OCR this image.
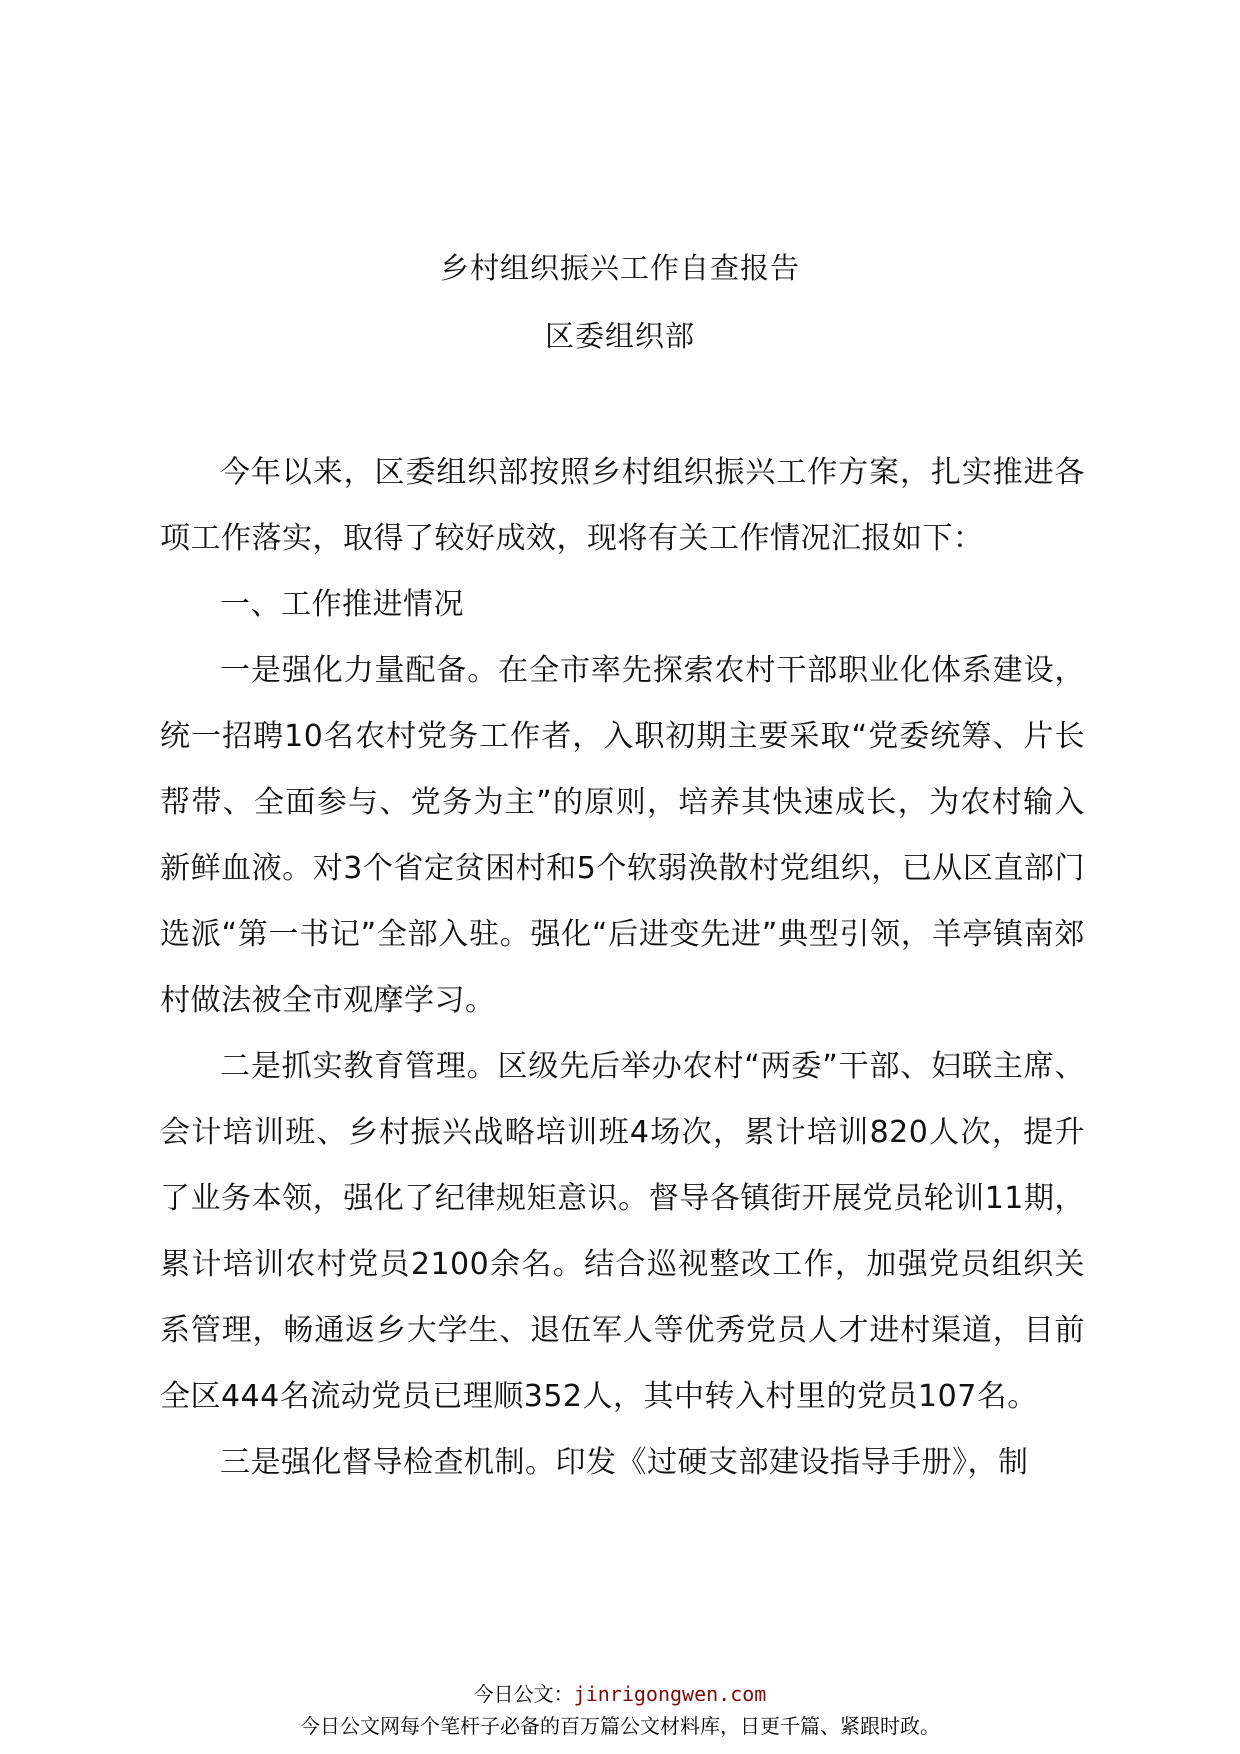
乡村组织振兴工作自查报告
区委组织部

今年以来，区委组织部按照乡村组织振兴工作方案，扎实推进各项工作落实，取得了较好成效，现将有关工作情况汇报如下：

一、工作推进情况

一是强化力量配备。在全市率先探索农村干部职业化体系建设，统一招聘10名农村党务工作者，入职初期主要采取“党委统筹、片长帮带、全面参与、党务为主”的原则，培养其快速成长，为农村输入新鲜血液。对3个省定贫困村和5个软弱涣散村党组织，已从区直部门选派“第一书记”全部入驻。强化“后进变先进”典型引领，羊亭镇南郊村做法被全市观摩学习。

二是抓实教育管理。区级先后举办农村“两委”干部、妇联主席、会计培训班、乡村振兴战略培训班4场次，累计培训820人次，提升了业务本领，强化了纪律规矩意识。督导各镇街开展党员轮训11期，累计培训农村党员2100余名。结合巡视整改工作，加强党员组织关系管理，畅通返乡大学生、退伍军人等优秀党员人才进村渠道，目前全区444名流动党员已理顺352人，其中转入村里的党员107名。

三是强化督导检查机制。印发《过硬支部建设指导手册》，制

今日公文：jinrigongwen.com

今日公文网每个笔杆子必备的百万篇公文材料库，日更千篇、紧跟时政。
